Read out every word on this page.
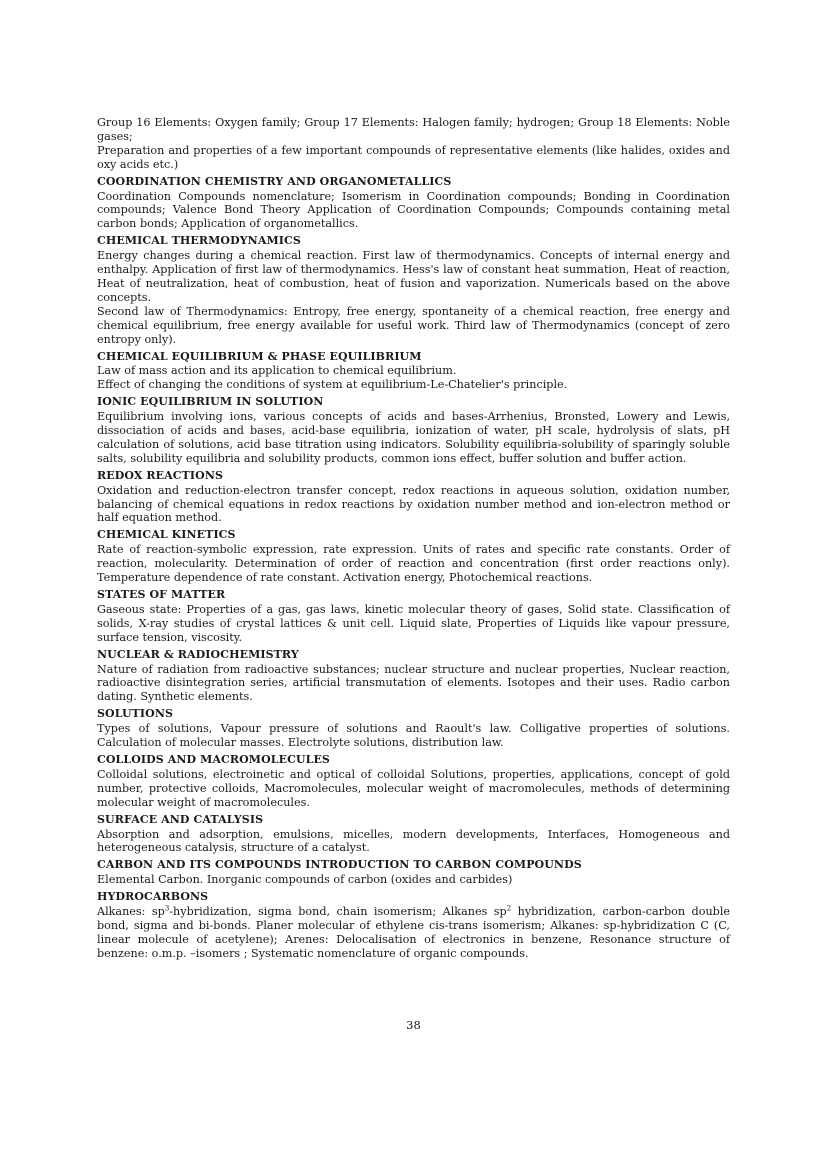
Group 16 Elements: Oxygen family; Group 17 Elements: Halogen family; hydrogen; Group 18 Elements: Noble gases;

Preparation and properties of a few important compounds of representative elements (like halides, oxides and oxy acids etc.)

COORDINATION CHEMISTRY AND ORGANOMETALLICS

Coordination Compounds nomenclature; Isomerism in Coordination compounds; Bonding in Coordination compounds; Valence Bond Theory Application of Coordination Compounds; Compounds containing metal carbon bonds; Application of organometallics.

CHEMICAL THERMODYNAMICS

Energy changes during a chemical reaction. First law of thermodynamics. Concepts of internal energy and enthalpy. Application of first law of thermodynamics. Hess's law of constant heat summation, Heat of reaction, Heat of neutralization, heat of combustion, heat of fusion and vaporization. Numericals based on the above concepts.

Second law of Thermodynamics: Entropy, free energy, spontaneity of a chemical reaction, free energy and chemical equilibrium, free energy available for useful work. Third law of Thermodynamics (concept of zero entropy only).

CHEMICAL EQUILIBRIUM & PHASE EQUILIBRIUM

Law of mass action and its application to chemical equilibrium.

Effect of changing the conditions of system at equilibrium-Le-Chatelier's principle.

IONIC EQUILIBRIUM IN SOLUTION

Equilibrium involving ions, various concepts of acids and bases-Arrhenius, Bronsted, Lowery and Lewis, dissociation of acids and bases, acid-base equilibria, ionization of water, pH scale, hydrolysis of slats, pH calculation of solutions, acid base titration using indicators. Solubility equilibria-solubility of sparingly soluble salts, solubility equilibria and solubility products, common ions effect, buffer solution and buffer action.

REDOX REACTIONS

Oxidation and reduction-electron transfer concept, redox reactions in aqueous solution, oxidation number, balancing of chemical equations in redox reactions by oxidation number method and ion-electron method or half equation method.

CHEMICAL KINETICS

Rate of reaction-symbolic expression, rate expression. Units of rates and specific rate constants. Order of reaction, molecularity. Determination of order of reaction and concentration (first order reactions only). Temperature dependence of rate constant. Activation energy, Photochemical reactions.

STATES OF MATTER

Gaseous state: Properties of a gas, gas laws, kinetic molecular theory of gases, Solid state. Classification of solids, X-ray studies of crystal lattices & unit cell. Liquid slate, Properties of Liquids like vapour pressure, surface tension, viscosity.

NUCLEAR & RADIOCHEMISTRY

Nature of radiation from radioactive substances; nuclear structure and nuclear properties, Nuclear reaction, radioactive disintegration series, artificial transmutation of elements. Isotopes and their uses. Radio carbon dating. Synthetic elements.

SOLUTIONS

Types of solutions, Vapour pressure of solutions and Raoult's law. Colligative properties of solutions. Calculation of molecular masses. Electrolyte solutions, distribution law.

COLLOIDS AND MACROMOLECULES

Colloidal solutions, electroinetic and optical of colloidal Solutions, properties, applications, concept of gold number, protective colloids, Macromolecules, molecular weight of macromolecules, methods of determining molecular weight of macromolecules.

SURFACE AND CATALYSIS

Absorption and adsorption, emulsions, micelles, modern developments, Interfaces, Homogeneous and heterogeneous catalysis, structure of a catalyst.

CARBON AND ITS COMPOUNDS INTRODUCTION TO CARBON COMPOUNDS

Elemental Carbon. Inorganic compounds of carbon (oxides and carbides)

HYDROCARBONS

Alkanes: $sp^3$-hybridization, sigma bond, chain isomerism; Alkanes $sp^2$ hybridization, carbon-carbon double bond, sigma and bi-bonds. Planer molecular of ethylene cis-trans isomerism; Alkanes: sp-hybridization C (C, linear molecule of acetylene); Arenes: Delocalisation of electronics in benzene, Resonance structure of benzene: o.m.p. –isomers ; Systematic nomenclature of organic compounds.

38
